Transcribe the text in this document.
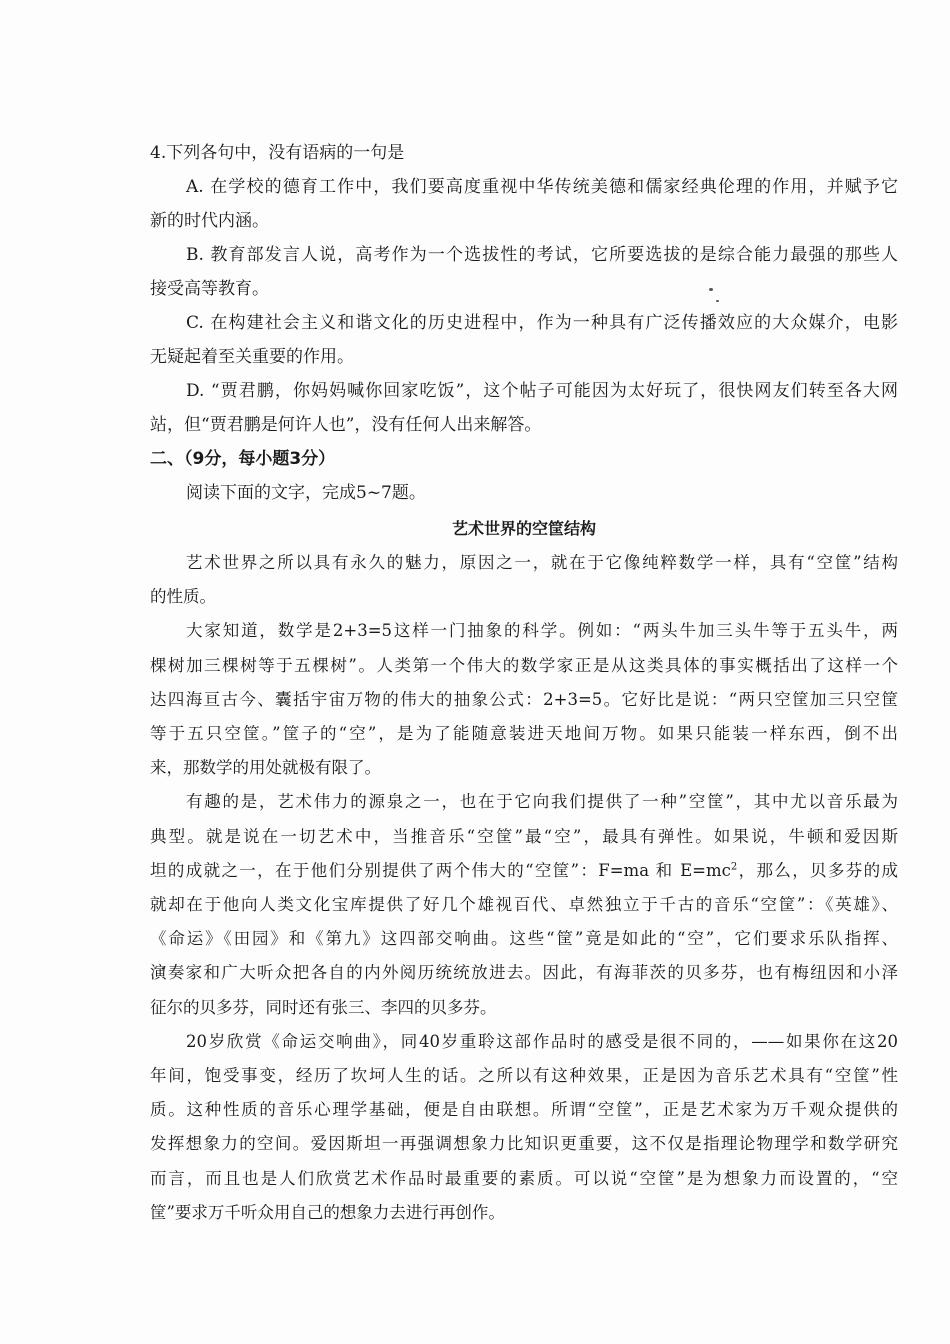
4.下列各句中，没有语病的一句是
A. 在学校的德育工作中，我们要高度重视中华传统美德和儒家经典伦理的作用，并赋予它
新的时代内涵。
B. 教育部发言人说，高考作为一个选拔性的考试，它所要选拔的是综合能力最强的那些人
接受高等教育。
C. 在构建社会主义和谐文化的历史进程中，作为一种具有广泛传播效应的大众媒介，电影
无疑起着至关重要的作用。
D. “贾君鹏，你妈妈喊你回家吃饭”，这个帖子可能因为太好玩了，很快网友们转至各大网
站，但“贾君鹏是何许人也”，没有任何人出来解答。
二、（9分，每小题3分）
阅读下面的文字，完成5~7题。
艺术世界的空筐结构
艺术世界之所以具有永久的魅力，原因之一，就在于它像纯粹数学一样，具有“空筐”结构
的性质。
大家知道，数学是2+3=5这样一门抽象的科学。例如：“两头牛加三头牛等于五头牛，两
棵树加三棵树等于五棵树”。人类第一个伟大的数学家正是从这类具体的事实概括出了这样一个
达四海亘古今、囊括宇宙万物的伟大的抽象公式：2+3=5。它好比是说：“两只空筐加三只空筐
等于五只空筐。”筐子的“空”，是为了能随意装进天地间万物。如果只能装一样东西，倒不出
来，那数学的用处就极有限了。
有趣的是，艺术伟力的源泉之一，也在于它向我们提供了一种”空筐”，其中尤以音乐最为
典型。就是说在一切艺术中，当推音乐“空筐”最“空”，最具有弹性。如果说，牛顿和爱因斯
坦的成就之一，在于他们分别提供了两个伟大的“空筐”：F=ma 和 $E=mc^2$，那么，贝多芬的成
就却在于他向人类文化宝库提供了好几个雄视百代、卓然独立于千古的音乐“空筐”：《英雄》、
《命运》《田园》和《第九》这四部交响曲。这些“筐”竟是如此的“空”，它们要求乐队指挥、
演奏家和广大听众把各自的内外阅历统统放进去。因此，有海菲茨的贝多芬，也有梅纽因和小泽
征尔的贝多芬，同时还有张三、李四的贝多芬。
20岁欣赏《命运交响曲》，同40岁重聆这部作品时的感受是很不同的，——如果你在这20
年间，饱受事变，经历了坎坷人生的话。之所以有这种效果，正是因为音乐艺术具有“空筐”性
质。这种性质的音乐心理学基础，便是自由联想。所谓“空筐”，正是艺术家为万千观众提供的
发挥想象力的空间。爱因斯坦一再强调想象力比知识更重要，这不仅是指理论物理学和数学研究
而言，而且也是人们欣赏艺术作品时最重要的素质。可以说“空筐”是为想象力而设置的，“空
筐”要求万千听众用自己的想象力去进行再创作。
